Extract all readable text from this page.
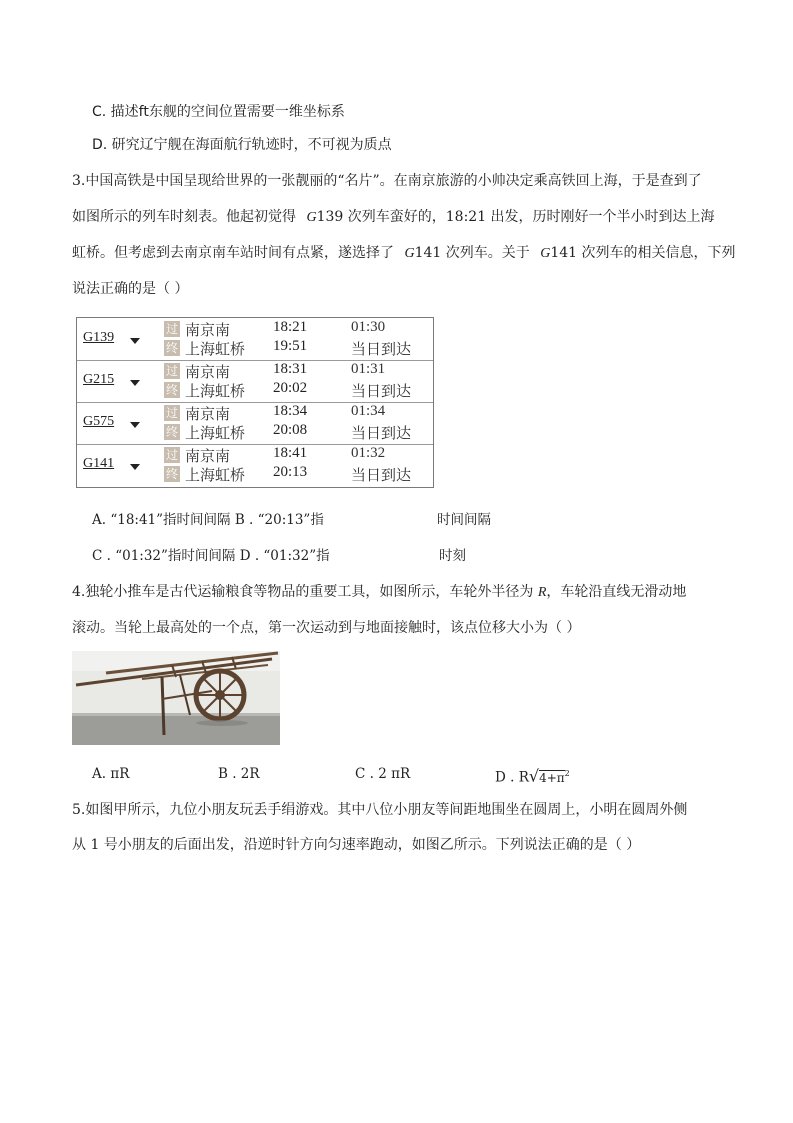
C. 描述ft东舰的空间位置需要一维坐标系
D. 研究辽宁舰在海面航行轨迹时，不可视为质点
3.中国高铁是中国呈现给世界的一张靓丽的“名片”。在南京旅游的小帅决定乘高铁回上海，于是查到了
如图所示的列车时刻表。他起初觉得 G139 次列车蛮好的，18:21 出发，历时刚好一个半小时到达上海
虹桥。但考虑到去南京南车站时间有点紧，遂选择了 G141 次列车。关于 G141 次列车的相关信息，下列
说法正确的是（ ）
G139
过 南京南	18:21	01:30
终 上海虹桥 19:51	当日到达
G215
过 南京南	18:31	01:31
终 上海虹桥 20:02	当日到达
G575
过 南京南	18:34	01:34
终 上海虹桥 20:08	当日到达
G141
过 南京南	18:41	01:32
终 上海虹桥 20:13	当日到达
A. “18:41”指时间间隔 B . “20:13”指	时间间隔
C . “01:32”指时间间隔 D . “01:32”指	时刻
4.独轮小推车是古代运输粮食等物品的重要工具，如图所示，车轮外半径为 R，车轮沿直线无滑动地
滚动。当轮上最高处的一个点，第一次运动到与地面接触时，该点位移大小为（ ）
A. πR	B . 2R	C . 2 πR	D . $R√4+\pi^2$
5.如图甲所示，九位小朋友玩丢手绢游戏。其中八位小朋友等间距地围坐在圆周上，小明在圆周外侧
从 1 号小朋友的后面出发，沿逆时针方向匀速率跑动，如图乙所示。下列说法正确的是（ ）
